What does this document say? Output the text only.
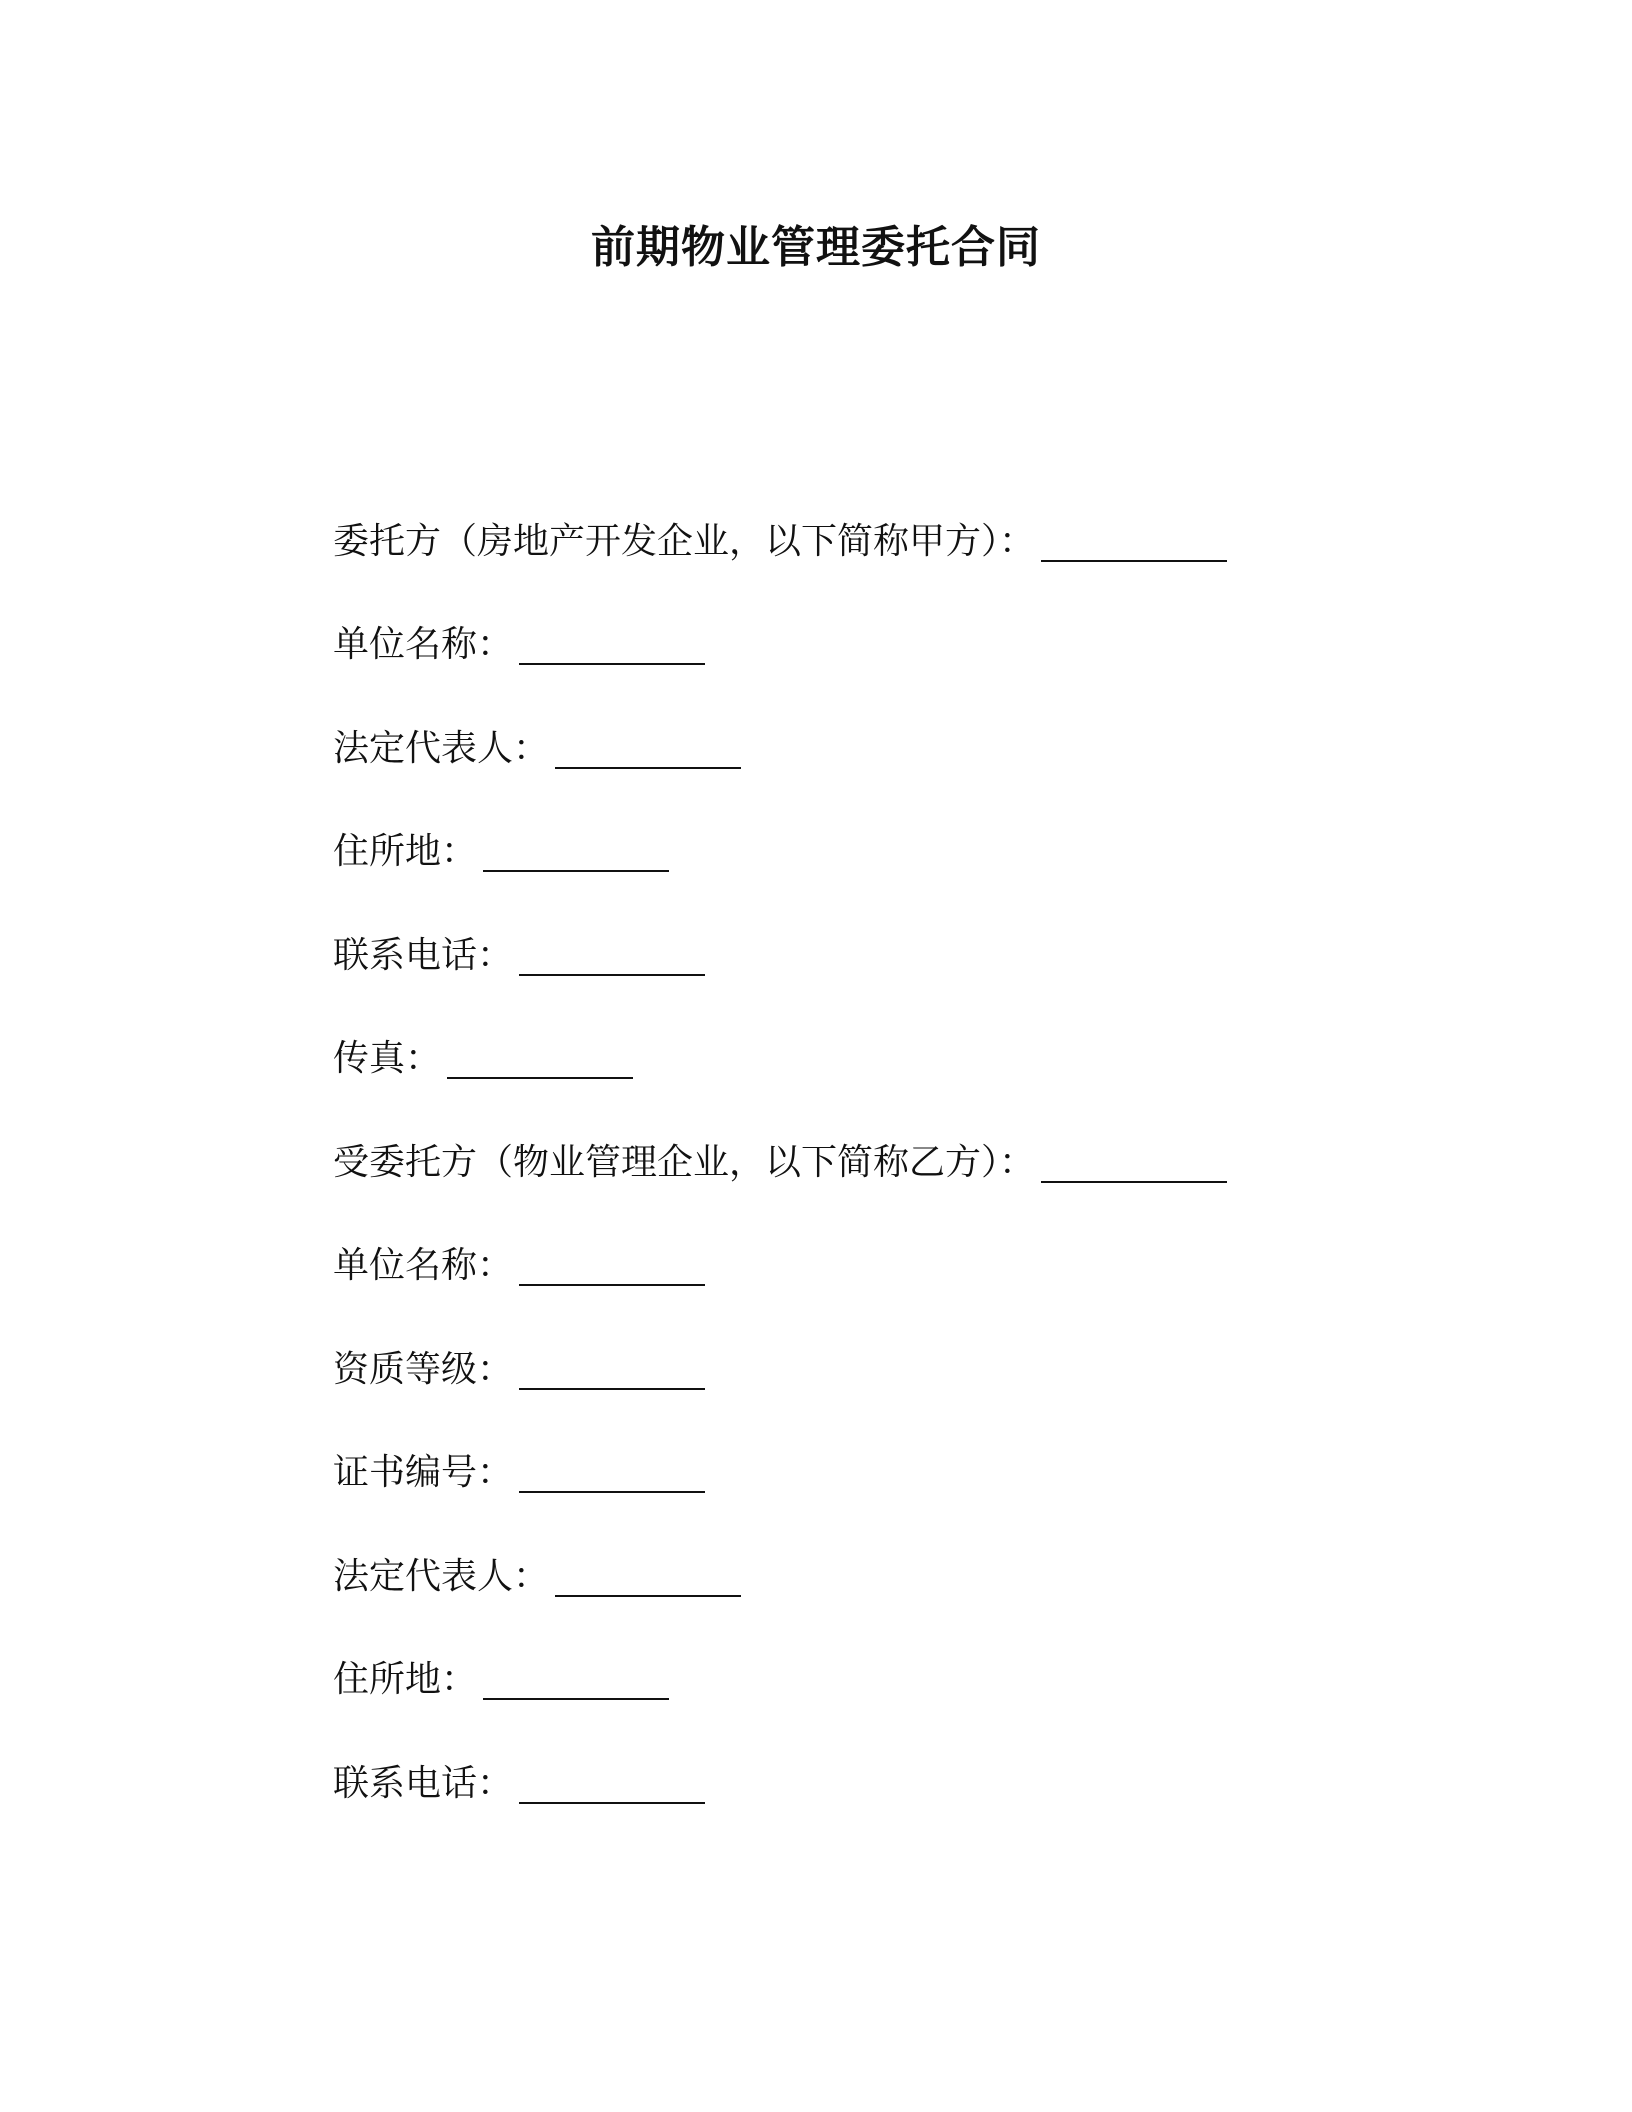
前期物业管理委托合同
委托方（房地产开发企业，以下简称甲方）：
单位名称：
法定代表人：
住所地：
联系电话：
传真：
受委托方（物业管理企业，以下简称乙方）：
单位名称：
资质等级：
证书编号：
法定代表人：
住所地：
联系电话：
